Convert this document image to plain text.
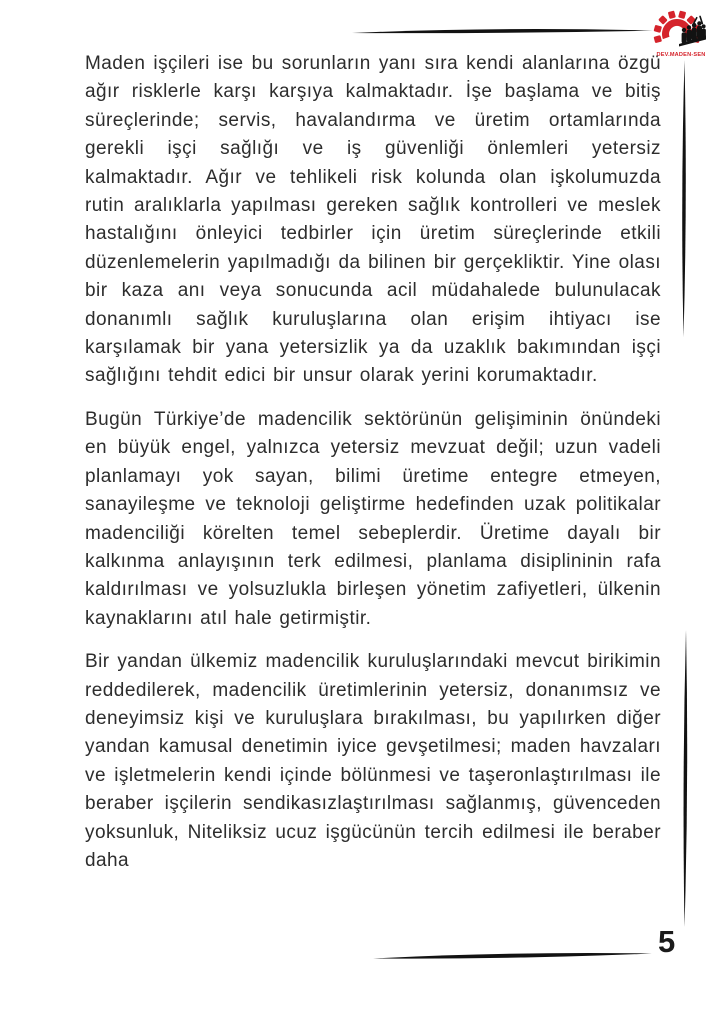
DEV.MADEN-SEN

Maden işçileri ise bu sorunların yanı sıra kendi alanlarına özgü ağır risklerle karşı karşıya kalmaktadır. İşe başlama ve bitiş süreçlerinde; servis, havalandırma ve üretim ortamlarında gerekli işçi sağlığı ve iş güvenliği önlemleri yetersiz kalmaktadır. Ağır ve tehlikeli risk kolunda olan işkolumuzda rutin aralıklarla yapılması gereken sağlık kontrolleri ve meslek hastalığını önleyici tedbirler için üretim süreçlerinde etkili düzenlemelerin yapılmadığı da bilinen bir gerçekliktir. Yine olası bir kaza anı veya sonucunda acil müdahalede bulunulacak donanımlı sağlık kuruluşlarına olan erişim ihtiyacı ise karşılamak bir yana yetersizlik ya da uzaklık bakımından işçi sağlığını tehdit edici bir unsur olarak yerini korumaktadır.

Bugün Türkiye’de madencilik sektörünün gelişiminin önündeki en büyük engel, yalnızca yetersiz mevzuat değil; uzun vadeli planlamayı yok sayan, bilimi üretime entegre etmeyen, sanayileşme ve teknoloji geliştirme hedefinden uzak politikalar madenciliği körelten temel sebeplerdir. Üretime dayalı bir kalkınma anlayışının terk edilmesi, planlama disiplininin rafa kaldırılması ve yolsuzlukla birleşen yönetim zafiyetleri, ülkenin kaynaklarını atıl hale getirmiştir.

Bir yandan ülkemiz madencilik kuruluşlarındaki mevcut birikimin reddedilerek, madencilik üretimlerinin yetersiz, donanımsız ve deneyimsiz kişi ve kuruluşlara bırakılması, bu yapılırken diğer yandan kamusal denetimin iyice gevşetilmesi; maden havzaları ve işletmelerin kendi içinde bölünmesi ve taşeronlaştırılması ile beraber işçilerin sendikasızlaştırılması sağlanmış, güvenceden yoksunluk, Niteliksiz ucuz işgücünün tercih edilmesi ile beraber daha

5
